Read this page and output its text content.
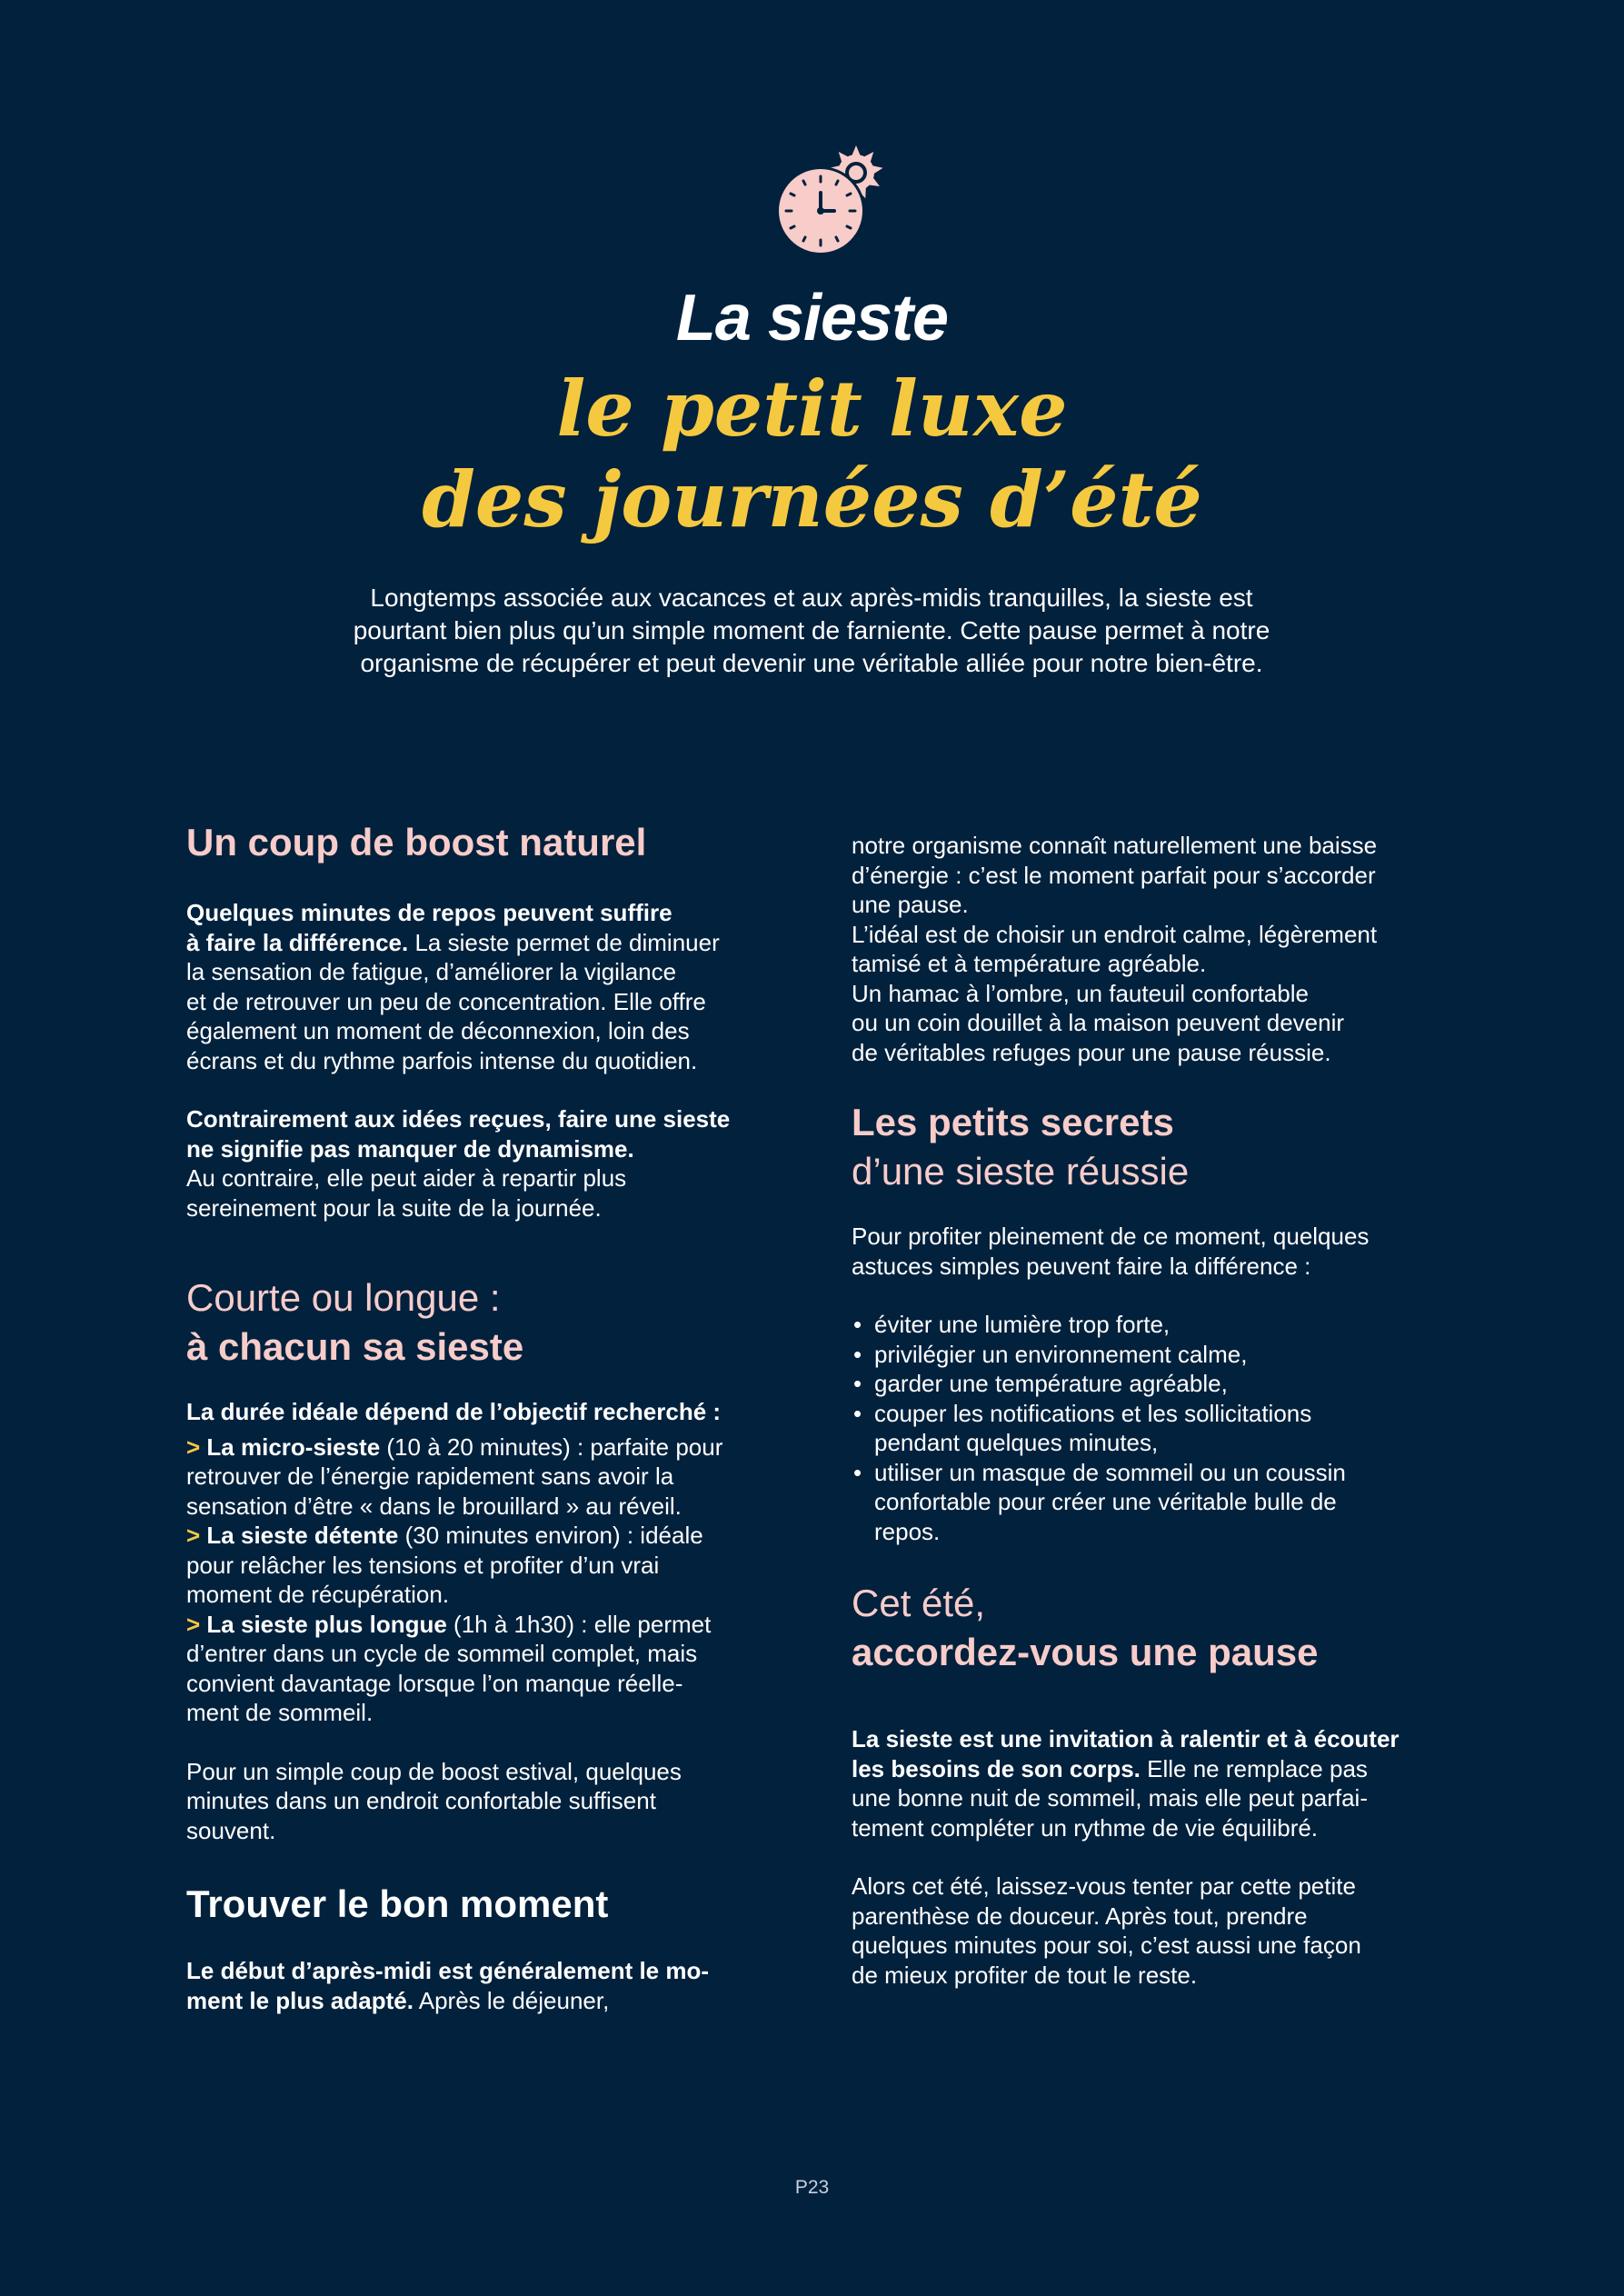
La sieste
le petit luxe
des journées d’été
Longtemps associée aux vacances et aux après-midis tranquilles, la sieste est
pourtant bien plus qu’un simple moment de farniente. Cette pause permet à notre
organisme de récupérer et peut devenir une véritable alliée pour notre bien-être.
Un coup de boost naturel
Quelques minutes de repos peuvent suffire
à faire la différence. La sieste permet de diminuer
la sensation de fatigue, d’améliorer la vigilance
et de retrouver un peu de concentration. Elle offre
également un moment de déconnexion, loin des
écrans et du rythme parfois intense du quotidien.
Contrairement aux idées reçues, faire une sieste
ne signifie pas manquer de dynamisme.
Au contraire, elle peut aider à repartir plus
sereinement pour la suite de la journée.
Courte ou longue :
à chacun sa sieste
La durée idéale dépend de l’objectif recherché :
> La micro-sieste (10 à 20 minutes) : parfaite pour
retrouver de l’énergie rapidement sans avoir la
sensation d’être « dans le brouillard » au réveil.
> La sieste détente (30 minutes environ) : idéale
pour relâcher les tensions et profiter d’un vrai
moment de récupération.
> La sieste plus longue (1h à 1h30) : elle permet
d’entrer dans un cycle de sommeil complet, mais
convient davantage lorsque l’on manque réelle-
ment de sommeil.
Pour un simple coup de boost estival, quelques
minutes dans un endroit confortable suffisent
souvent.
Trouver le bon moment
Le début d’après-midi est généralement le mo-
ment le plus adapté. Après le déjeuner,
notre organisme connaît naturellement une baisse
d’énergie : c’est le moment parfait pour s’accorder
une pause.
L’idéal est de choisir un endroit calme, légèrement
tamisé et à température agréable.
Un hamac à l’ombre, un fauteuil confortable
ou un coin douillet à la maison peuvent devenir
de véritables refuges pour une pause réussie.
Les petits secrets
d’une sieste réussie
Pour profiter pleinement de ce moment, quelques
astuces simples peuvent faire la différence :
• éviter une lumière trop forte,
• privilégier un environnement calme,
• garder une température agréable,
• couper les notifications et les sollicitations
pendant quelques minutes,
• utiliser un masque de sommeil ou un coussin
confortable pour créer une véritable bulle de
repos.
Cet été,
accordez-vous une pause
La sieste est une invitation à ralentir et à écouter
les besoins de son corps. Elle ne remplace pas
une bonne nuit de sommeil, mais elle peut parfai-
tement compléter un rythme de vie équilibré.
Alors cet été, laissez-vous tenter par cette petite
parenthèse de douceur. Après tout, prendre
quelques minutes pour soi, c’est aussi une façon
de mieux profiter de tout le reste.
P23
